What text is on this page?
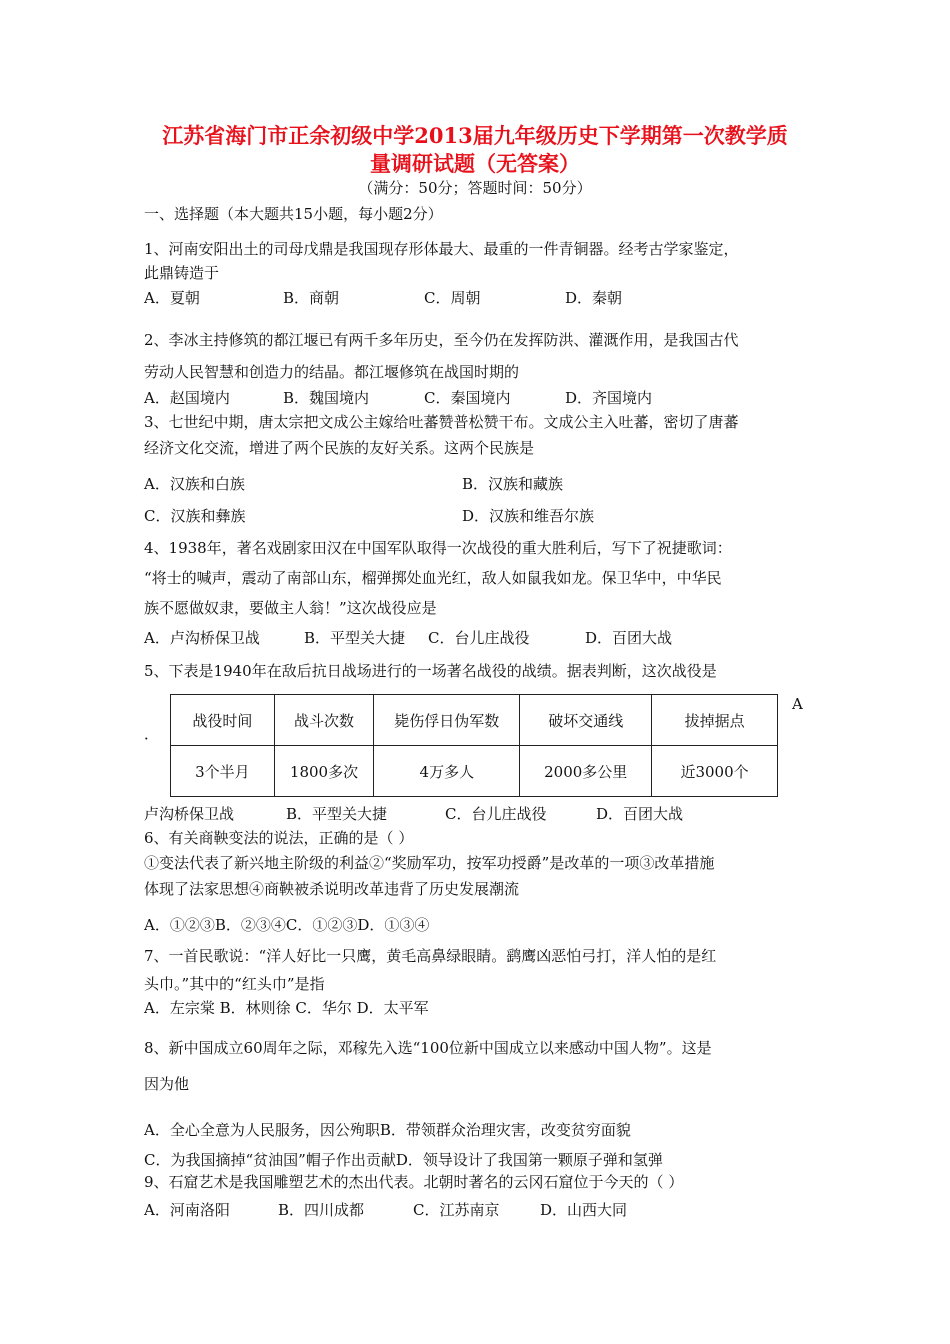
江苏省海门市正余初级中学2013届九年级历史下学期第一次教学质
量调研试题（无答案）
（满分：50分；答题时间：50分）
一、选择题（本大题共15小题，每小题2分）
1、河南安阳出土的司母戊鼎是我国现存形体最大、最重的一件青铜器。经考古学家鉴定，
此鼎铸造于
A．夏朝	B．商朝	C．周朝	D．秦朝
2、李冰主持修筑的都江堰已有两千多年历史，至今仍在发挥防洪、灌溉作用，是我国古代
劳动人民智慧和创造力的结晶。都江堰修筑在战国时期的
A．赵国境内	B．魏国境内	C．秦国境内	D．齐国境内
3、七世纪中期，唐太宗把文成公主嫁给吐蕃赞普松赞干布。文成公主入吐蕃，密切了唐蕃
经济文化交流，增进了两个民族的友好关系。这两个民族是
A．汉族和白族	B．汉族和藏族
C．汉族和彝族	D．汉族和维吾尔族
4、1938年，著名戏剧家田汉在中国军队取得一次战役的重大胜利后，写下了祝捷歌词：
“将士的喊声，震动了南部山东，榴弹掷处血光红，敌人如鼠我如龙。保卫华中，中华民
族不愿做奴隶，要做主人翁！”这次战役应是
A．卢沟桥保卫战	B．平型关大捷 C．台儿庄战役	D．百团大战
5、下表是1940年在敌后抗日战场进行的一场著名战役的战绩。据表判断，这次战役是
A
．
战役时间	战斗次数	毙伤俘日伪军数	破坏交通线	拔掉据点
3个半月	1800多次	4万多人	2000多公里	近3000个
卢沟桥保卫战	B．平型关大捷	C．台儿庄战役	D．百团大战
6、有关商鞅变法的说法，正确的是（ ）
①变法代表了新兴地主阶级的利益②“奖励军功，按军功授爵”是改革的一项③改革措施
体现了法家思想④商鞅被杀说明改革违背了历史发展潮流
A．①②③B．②③④C．①②③D．①③④
7、一首民歌说：“洋人好比一只鹰，黄毛高鼻绿眼睛。鹞鹰凶恶怕弓打，洋人怕的是红
头巾。”其中的“红头巾”是指
A．左宗棠 B．林则徐 C．华尔 D．太平军
8、新中国成立60周年之际，邓稼先入选“100位新中国成立以来感动中国人物”。这是
因为他
A．全心全意为人民服务，因公殉职B．带领群众治理灾害，改变贫穷面貌
C．为我国摘掉“贫油国”帽子作出贡献D．领导设计了我国第一颗原子弹和氢弹
9、石窟艺术是我国雕塑艺术的杰出代表。北朝时著名的云冈石窟位于今天的（ ）
A．河南洛阳	B．四川成都	C．江苏南京	D．山西大同
